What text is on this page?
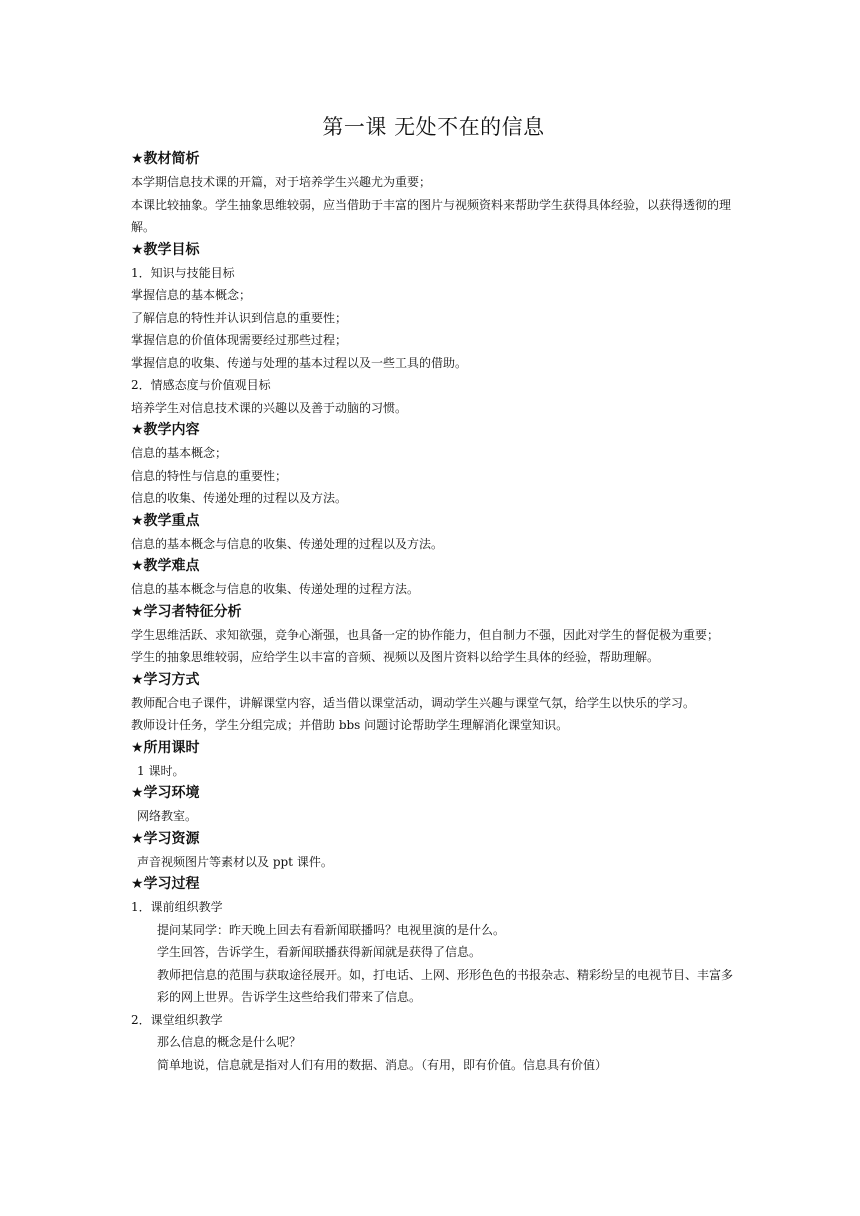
第一课 无处不在的信息

★教材简析

本学期信息技术课的开篇，对于培养学生兴趣尤为重要；

本课比较抽象。学生抽象思维较弱，应当借助于丰富的图片与视频资料来帮助学生获得具体经验，以获得透彻的理解。

★教学目标

1．知识与技能目标

掌握信息的基本概念；

了解信息的特性并认识到信息的重要性；

掌握信息的价值体现需要经过那些过程；

掌握信息的收集、传递与处理的基本过程以及一些工具的借助。

2．情感态度与价值观目标

培养学生对信息技术课的兴趣以及善于动脑的习惯。

★教学内容

信息的基本概念；

信息的特性与信息的重要性；

信息的收集、传递处理的过程以及方法。

★教学重点

信息的基本概念与信息的收集、传递处理的过程以及方法。

★教学难点

信息的基本概念与信息的收集、传递处理的过程方法。

★学习者特征分析

学生思维活跃、求知欲强，竞争心渐强，也具备一定的协作能力，但自制力不强，因此对学生的督促极为重要；

学生的抽象思维较弱，应给学生以丰富的音频、视频以及图片资料以给学生具体的经验，帮助理解。

★学习方式

教师配合电子课件，讲解课堂内容，适当借以课堂活动，调动学生兴趣与课堂气氛，给学生以快乐的学习。

教师设计任务，学生分组完成；并借助 bbs 问题讨论帮助学生理解消化课堂知识。

★所用课时

1 课时。

★学习环境

网络教室。

★学习资源

声音视频图片等素材以及 ppt 课件。

★学习过程

1．课前组织教学

提问某同学：昨天晚上回去有看新闻联播吗？电视里演的是什么。

学生回答，告诉学生，看新闻联播获得新闻就是获得了信息。

教师把信息的范围与获取途径展开。如，打电话、上网、形形色色的书报杂志、精彩纷呈的电视节目、丰富多彩的网上世界。告诉学生这些给我们带来了信息。

2．课堂组织教学

那么信息的概念是什么呢？

简单地说，信息就是指对人们有用的数据、消息。（有用，即有价值。信息具有价值）
